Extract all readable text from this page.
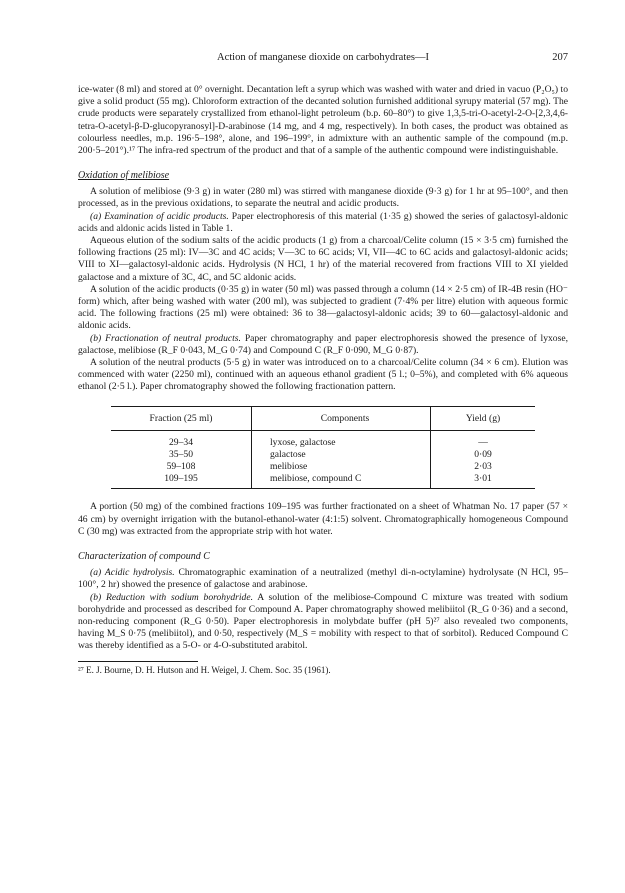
Action of manganese dioxide on carbohydrates—I	207

ice-water (8 ml) and stored at 0° overnight. Decantation left a syrup which was washed with water and dried in vacuo (P₂O₅) to give a solid product (55 mg). Chloroform extraction of the decanted solution furnished additional syrupy material (57 mg). The crude products were separately crystallized from ethanol-light petroleum (b.p. 60–80°) to give 1,3,5-tri-O-acetyl-2-O-[2,3,4,6-tetra-O-acetyl-β-D-glucopyranosyl]-D-arabinose (14 mg, and 4 mg, respectively). In both cases, the product was obtained as colourless needles, m.p. 196·5–198°, alone, and 196–199°, in admixture with an authentic sample of the compound (m.p. 200·5–201°).¹⁷ The infra-red spectrum of the product and that of a sample of the authentic compound were indistinguishable.

Oxidation of melibiose

A solution of melibiose (9·3 g) in water (280 ml) was stirred with manganese dioxide (9·3 g) for 1 hr at 95–100°, and then processed, as in the previous oxidations, to separate the neutral and acidic products.

(a) Examination of acidic products. Paper electrophoresis of this material (1·35 g) showed the series of galactosyl-aldonic acids and aldonic acids listed in Table 1.

Aqueous elution of the sodium salts of the acidic products (1 g) from a charcoal/Celite column (15 × 3·5 cm) furnished the following fractions (25 ml): IV—3C and 4C acids; V—3C to 6C acids; VI, VII—4C to 6C acids and galactosyl-aldonic acids; VIII to XI—galactosyl-aldonic acids. Hydrolysis (N HCl, 1 hr) of the material recovered from fractions VIII to XI yielded galactose and a mixture of 3C, 4C, and 5C aldonic acids.

A solution of the acidic products (0·35 g) in water (50 ml) was passed through a column (14 × 2·5 cm) of IR-4B resin (HO⁻ form) which, after being washed with water (200 ml), was subjected to gradient (7·4% per litre) elution with aqueous formic acid. The following fractions (25 ml) were obtained: 36 to 38—galactosyl-aldonic acids; 39 to 60—galactosyl-aldonic and aldonic acids.

(b) Fractionation of neutral products. Paper chromatography and paper electrophoresis showed the presence of lyxose, galactose, melibiose (R_F 0·043, M_G 0·74) and Compound C (R_F 0·090, M_G 0·87).

A solution of the neutral products (5·5 g) in water was introduced on to a charcoal/Celite column (34 × 6 cm). Elution was commenced with water (2250 ml), continued with an aqueous ethanol gradient (5 l.; 0–5%), and completed with 6% aqueous ethanol (2·5 l.). Paper chromatography showed the following fractionation pattern.

Fraction (25 ml)	Components	Yield (g)
29–34	lyxose, galactose	—
35–50	galactose	0·09
59–108	melibiose	2·03
109–195	melibiose, compound C	3·01

A portion (50 mg) of the combined fractions 109–195 was further fractionated on a sheet of Whatman No. 17 paper (57 × 46 cm) by overnight irrigation with the butanol-ethanol-water (4:1:5) solvent. Chromatographically homogeneous Compound C (30 mg) was extracted from the appropriate strip with hot water.

Characterization of compound C

(a) Acidic hydrolysis. Chromatographic examination of a neutralized (methyl di-n-octylamine) hydrolysate (N HCl, 95–100°, 2 hr) showed the presence of galactose and arabinose.

(b) Reduction with sodium borohydride. A solution of the melibiose-Compound C mixture was treated with sodium borohydride and processed as described for Compound A. Paper chromatography showed melibiitol (R_G 0·36) and a second, non-reducing component (R_G 0·50). Paper electrophoresis in molybdate buffer (pH 5)²⁷ also revealed two components, having M_S 0·75 (melibiitol), and 0·50, respectively (M_S = mobility with respect to that of sorbitol). Reduced Compound C was thereby identified as a 5-O- or 4-O-substituted arabitol.

²⁷ E. J. Bourne, D. H. Hutson and H. Weigel, J. Chem. Soc. 35 (1961).
